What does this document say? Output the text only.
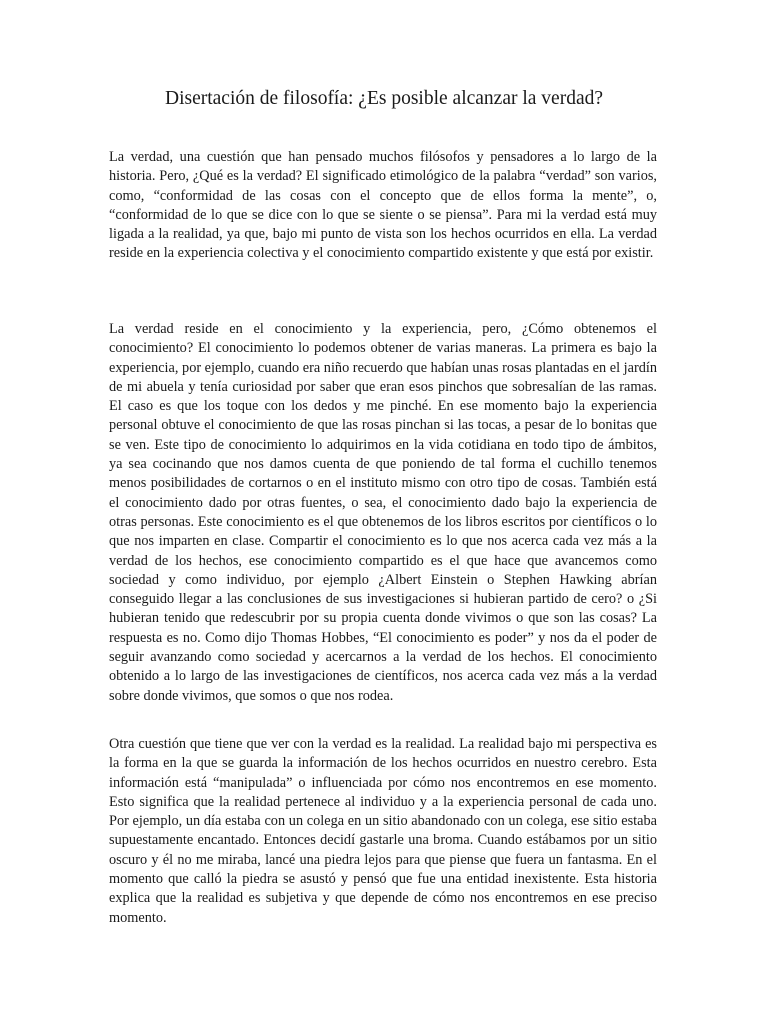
Disertación de filosofía: ¿Es posible alcanzar la verdad?

La verdad, una cuestión que han pensado muchos filósofos y pensadores a lo largo de la historia. Pero, ¿Qué es la verdad? El significado etimológico de la palabra “verdad” son varios, como, “conformidad de las cosas con el concepto que de ellos forma la mente”, o, “conformidad de lo que se dice con lo que se siente o se piensa”. Para mi la verdad está muy ligada a la realidad, ya que, bajo mi punto de vista son los hechos ocurridos en ella. La verdad reside en la experiencia colectiva y el conocimiento compartido existente y que está por existir.

La verdad reside en el conocimiento y la experiencia, pero, ¿Cómo obtenemos el conocimiento? El conocimiento lo podemos obtener de varias maneras. La primera es bajo la experiencia, por ejemplo, cuando era niño recuerdo que habían unas rosas plantadas en el jardín de mi abuela y tenía curiosidad por saber que eran esos pinchos que sobresalían de las ramas. El caso es que los toque con los dedos y me pinché. En ese momento bajo la experiencia personal obtuve el conocimiento de que las rosas pinchan si las tocas, a pesar de lo bonitas que se ven. Este tipo de conocimiento lo adquirimos en la vida cotidiana en todo tipo de ámbitos, ya sea cocinando que nos damos cuenta de que poniendo de tal forma el cuchillo tenemos menos posibilidades de cortarnos o en el instituto mismo con otro tipo de cosas. También está el conocimiento dado por otras fuentes, o sea, el conocimiento dado bajo la experiencia de otras personas. Este conocimiento es el que obtenemos de los libros escritos por científicos o lo que nos imparten en clase. Compartir el conocimiento es lo que nos acerca cada vez más a la verdad de los hechos, ese conocimiento compartido es el que hace que avancemos como sociedad y como individuo, por ejemplo ¿Albert Einstein o Stephen Hawking abrían conseguido llegar a las conclusiones de sus investigaciones si hubieran partido de cero? o ¿Si hubieran tenido que redescubrir por su propia cuenta donde vivimos o que son las cosas? La respuesta es no. Como dijo Thomas Hobbes, “El conocimiento es poder” y nos da el poder de seguir avanzando como sociedad y acercarnos a la verdad de los hechos. El conocimiento obtenido a lo largo de las investigaciones de científicos, nos acerca cada vez más a la verdad sobre donde vivimos, que somos o que nos rodea.

Otra cuestión que tiene que ver con la verdad es la realidad. La realidad bajo mi perspectiva es la forma en la que se guarda la información de los hechos ocurridos en nuestro cerebro. Esta información está “manipulada” o influenciada por cómo nos encontremos en ese momento. Esto significa que la realidad pertenece al individuo y a la experiencia personal de cada uno. Por ejemplo, un día estaba con un colega en un sitio abandonado con un colega, ese sitio estaba supuestamente encantado. Entonces decidí gastarle una broma. Cuando estábamos por un sitio oscuro y él no me miraba, lancé una piedra lejos para que piense que fuera un fantasma. En el momento que calló la piedra se asustó y pensó que fue una entidad inexistente. Esta historia explica que la realidad es subjetiva y que depende de cómo nos encontremos en ese preciso momento.
